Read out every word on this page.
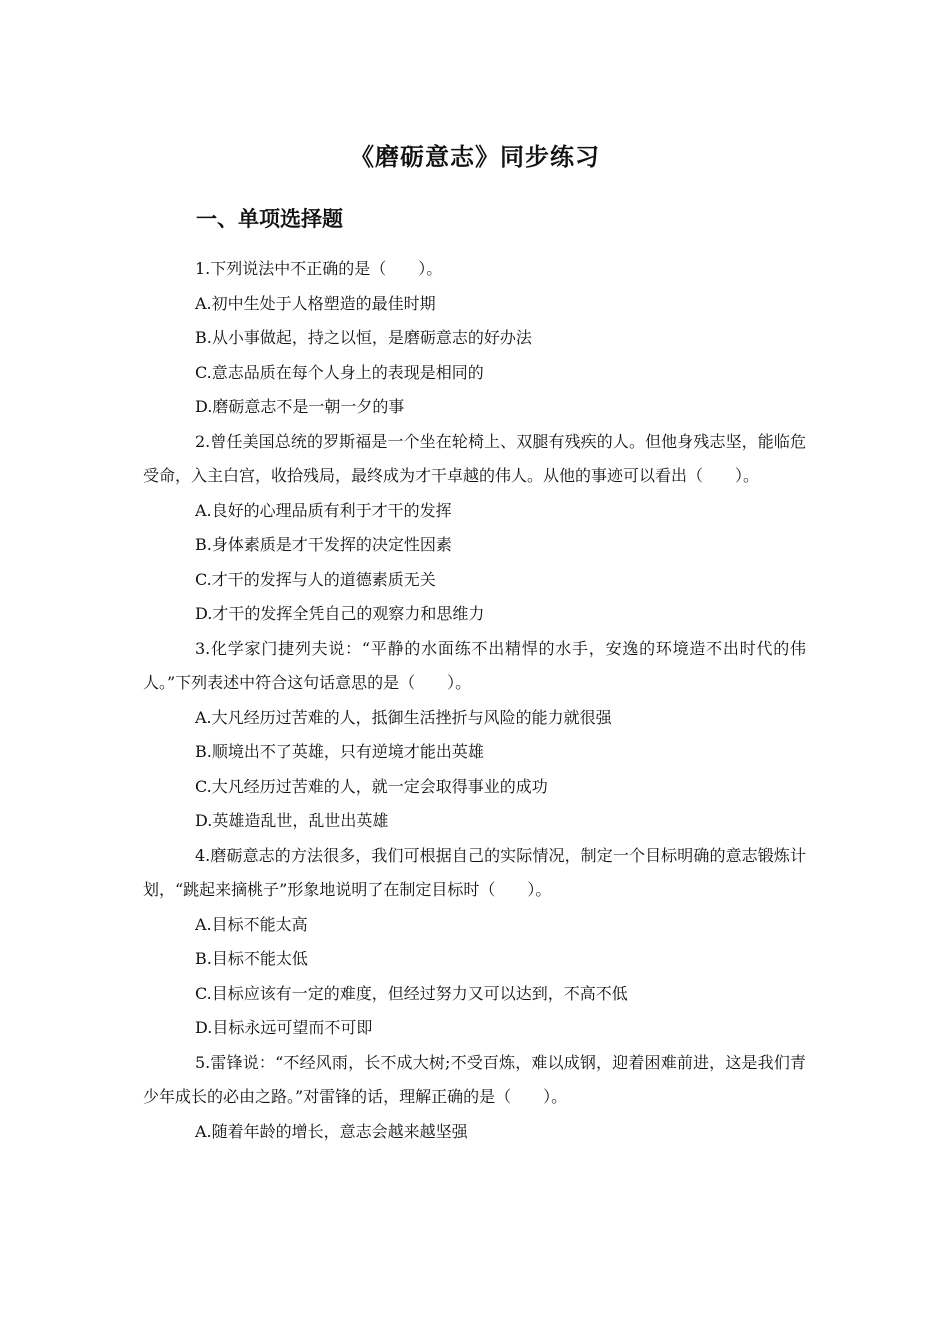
《磨砺意志》同步练习
一、单项选择题

1.下列说法中不正确的是（　　）。

A.初中生处于人格塑造的最佳时期

B.从小事做起，持之以恒，是磨砺意志的好办法

C.意志品质在每个人身上的表现是相同的

D.磨砺意志不是一朝一夕的事

2.曾任美国总统的罗斯福是一个坐在轮椅上、双腿有残疾的人。但他身残志坚，能临危受命，入主白宫，收拾残局，最终成为才干卓越的伟人。从他的事迹可以看出（　　）。

A.良好的心理品质有利于才干的发挥

B.身体素质是才干发挥的决定性因素

C.才干的发挥与人的道德素质无关

D.才干的发挥全凭自己的观察力和思维力

3.化学家门捷列夫说：“平静的水面练不出精悍的水手，安逸的环境造不出时代的伟人。”下列表述中符合这句话意思的是（　　）。

A.大凡经历过苦难的人，抵御生活挫折与风险的能力就很强

B.顺境出不了英雄，只有逆境才能出英雄

C.大凡经历过苦难的人，就一定会取得事业的成功

D.英雄造乱世，乱世出英雄

4.磨砺意志的方法很多，我们可根据自己的实际情况，制定一个目标明确的意志锻炼计划，“跳起来摘桃子”形象地说明了在制定目标时（　　）。

A.目标不能太高

B.目标不能太低

C.目标应该有一定的难度，但经过努力又可以达到，不高不低

D.目标永远可望而不可即

5.雷锋说：“不经风雨，长不成大树;不受百炼，难以成钢，迎着困难前进，这是我们青少年成长的必由之路。”对雷锋的话，理解正确的是（　　）。

A.随着年龄的增长，意志会越来越坚强
